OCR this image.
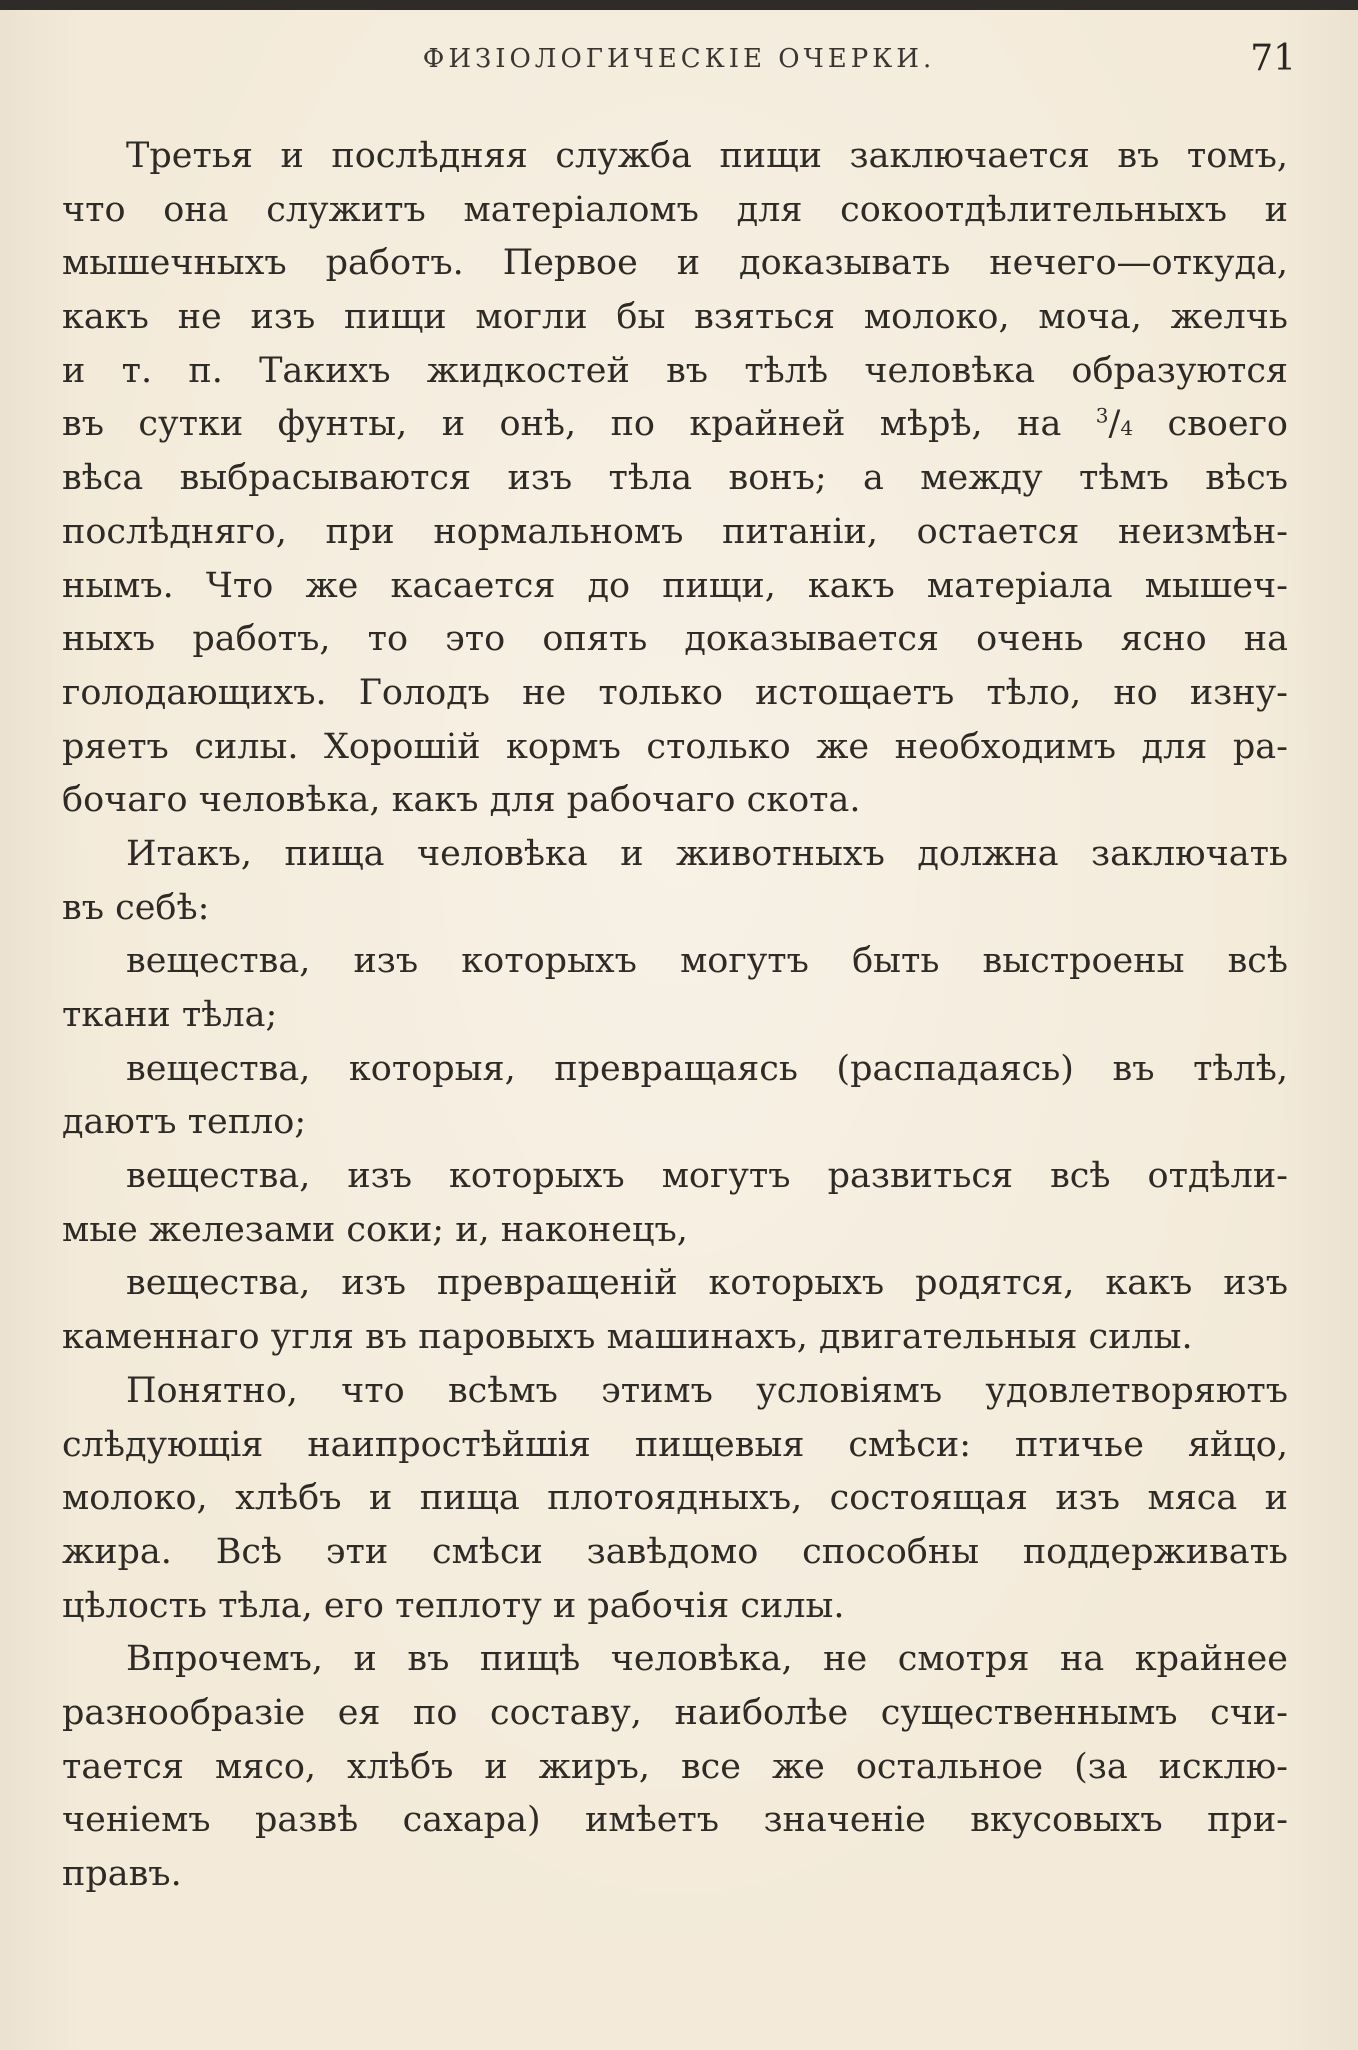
ФИЗІОЛОГИЧЕСКІЕ ОЧЕРКИ.	71
Третья и послѣдняя служба пищи заключается въ томъ,
что она служитъ матеріаломъ для сокоотдѣлительныхъ и
мышечныхъ работъ. Первое и доказывать нечего—откуда,
какъ не изъ пищи могли бы взяться молоко, моча, желчь
и т. п. Такихъ жидкостей въ тѣлѣ человѣка образуются
въ сутки фунты, и онѣ, по крайней мѣрѣ, на $^3$/4 своего
вѣса выбрасываются изъ тѣла вонъ; а между тѣмъ вѣсъ
послѣдняго, при нормальномъ питаніи, остается неизмѣн-
нымъ. Что же касается до пищи, какъ матеріала мышеч-
ныхъ работъ, то это опять доказывается очень ясно на
голодающихъ. Голодъ не только истощаетъ тѣло, но изну-
ряетъ силы. Хорошій кормъ столько же необходимъ для ра-
бочаго человѣка, какъ для рабочаго скота.
Итакъ, пища человѣка и животныхъ должна заключать
въ себѣ:
вещества, изъ которыхъ могутъ быть выстроены всѣ
ткани тѣла;
вещества, которыя, превращаясь (распадаясь) въ тѣлѣ,
даютъ тепло;
вещества, изъ которыхъ могутъ развиться всѣ отдѣли-
мые железами соки; и, наконецъ,
вещества, изъ превращеній которыхъ родятся, какъ изъ
каменнаго угля въ паровыхъ машинахъ, двигательныя силы.
Понятно, что всѣмъ этимъ условіямъ удовлетворяютъ
слѣдующія наипростѣйшія пищевыя смѣси: птичье яйцо,
молоко, хлѣбъ и пища плотоядныхъ, состоящая изъ мяса и
жира. Всѣ эти смѣси завѣдомо способны поддерживать
цѣлость тѣла, его теплоту и рабочія силы.
Впрочемъ, и въ пищѣ человѣка, не смотря на крайнее
разнообразіе ея по составу, наиболѣе существеннымъ счи-
тается мясо, хлѣбъ и жиръ, все же остальное (за исклю-
ченіемъ развѣ сахара) имѣетъ значеніе вкусовыхъ при-
правъ.
